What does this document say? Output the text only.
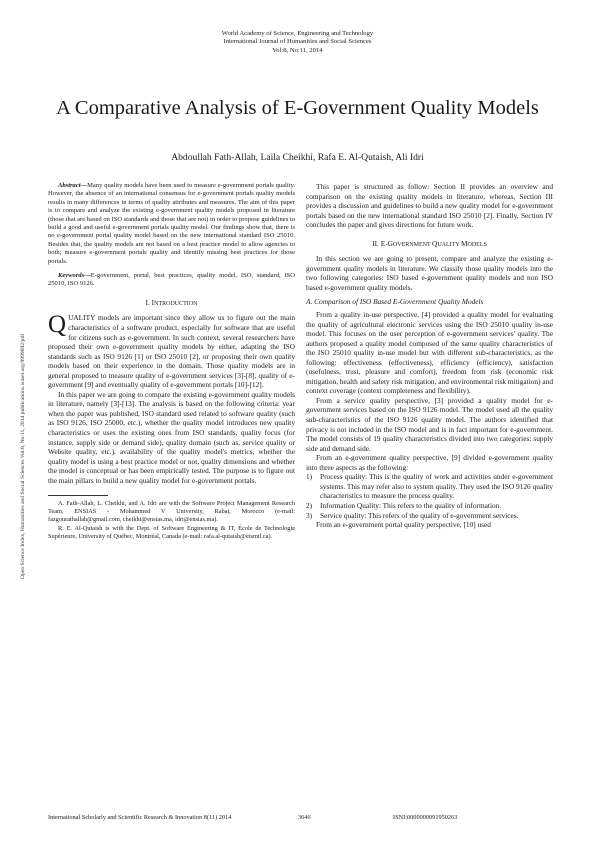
World Academy of Science, Engineering and Technology
International Journal of Humanities and Social Sciences
Vol:8, No:11, 2014
A Comparative Analysis of E-Government Quality Models
Abdoullah Fath-Allah, Laila Cheikhi, Rafa E. Al-Qutaish, Ali Idri
Open Science Index, Humanities and Social Sciences Vol:8, No:11, 2014 publications.waset.org/9999892/pdf

Abstract—Many quality models have been used to measure e-government portals quality. However, the absence of an international consensus for e-government portals quality models results in many differences in terms of quality attributes and measures. The aim of this paper is to compare and analyze the existing e-government quality models proposed in literature (those that are based on ISO standards and those that are not) in order to propose guidelines to build a good and useful e-government portals quality model. Our findings show that, there is no e-government portal quality model based on the new international standard ISO 25010. Besides that, the quality models are not based on a best practice model to allow agencies to both; measure e-government portals quality and identify missing best practices for those portals.

Keywords—E-government, portal, best practices, quality model, ISO, standard, ISO 25010, ISO 9126.

I. INTRODUCTION

QUALITY models are important since they allow us to figure out the main characteristics of a software product, especially for software that are useful for citizens such as e-government. In such context, several researchers have proposed their own e-government quality models by either, adapting the ISO standards such as ISO 9126 [1] or ISO 25010 [2], or proposing their own quality models based on their experience in the domain. Those quality models are in general proposed to measure quality of e-government services [3]-[8], quality of e-government [9] and eventually quality of e-government portals [10]-[12].

In this paper we are going to compare the existing e-government quality models in literature, namely [3]-[13]. The analysis is based on the following criteria: year when the paper was published, ISO standard used related to software quality (such as ISO 9126, ISO 25000, etc.), whether the quality model introduces new quality characteristics or uses the existing ones from ISO standards, quality focus (for instance, supply side or demand side), quality domain (such as, service quality or Website quality, etc.), availability of the quality model's metrics, whether the quality model is using a best practice model or not, quality dimensions and whether the model is conceptual or has been empirically tested. The purpose is to figure out the main pillars to build a new quality model for e-government portals.

A. Fath-Allah, L. Cheikhi, and A. Idri are with the Software Project Management Research Team, ENSIAS - Mohammed V University, Rabat, Morocco (e-mail: fazgourathallah@gmail.com, cheikhi@ensias.ma, idri@ensias.ma).

R. E. Al-Qutaish is with the Dept. of Software Engineering & IT, École de Technologie Supérieure, University of Québec, Montréal, Canada (e-mail: rafa.al-qutaish@etsmtl.ca).

This paper is structured as follow: Section II provides an overview and comparison on the existing quality models in literature, whereas, Section III provides a discussion and guidelines to build a new quality model for e-government portals based on the new international standard ISO 25010 [2]. Finally, Section IV concludes the paper and gives directions for future work.

II. E-GOVERNMENT QUALITY MODELS

In this section we are going to present, compare and analyze the existing e-government quality models in literature. We classify those quality models into the two following categories: ISO based e-government quality models and non ISO based e-government quality models.

A. Comparison of ISO Based E-Government Quality Models

From a quality in-use perspective, [4] provided a quality model for evaluating the quality of agricultural electronic services using the ISO 25010 quality in-use model. This focuses on the user perception of e-government services' quality. The authors proposed a quality model composed of the same quality characteristics of the ISO 25010 quality in-use model but with different sub-characteristics, as the following: effectiveness (effectiveness), efficiency (efficiency), satisfaction (usefulness, trust, pleasure and comfort), freedom from risk (economic risk mitigation, health and safety risk mitigation, and environmental risk mitigation) and context coverage (context completeness and flexibility).

From a service quality perspective, [3] provided a quality model for e-government services based on the ISO 9126 model. The model used all the quality sub-characteristics of the ISO 9126 quality model. The authors identified that privacy is not included in the ISO model and is in fact important for e-government. The model consists of 19 quality characteristics divided into two categories: supply side and demand side.

From an e-government quality perspective, [9] divided e-government quality into three aspects as the following:

1)	Process quality: This is the quality of work and activities under e-government systems. This may refer also to system quality. They used the ISO 9126 quality characteristics to measure the process quality.
2)	Information Quality: This refers to the quality of information.
3)	Service quality: This refers of the quality of e-government services.

From an e-government portal quality perspective, [10] used

International Scholarly and Scientific Research & Innovation 8(11) 2014	3646	ISNI:0000000091950263
